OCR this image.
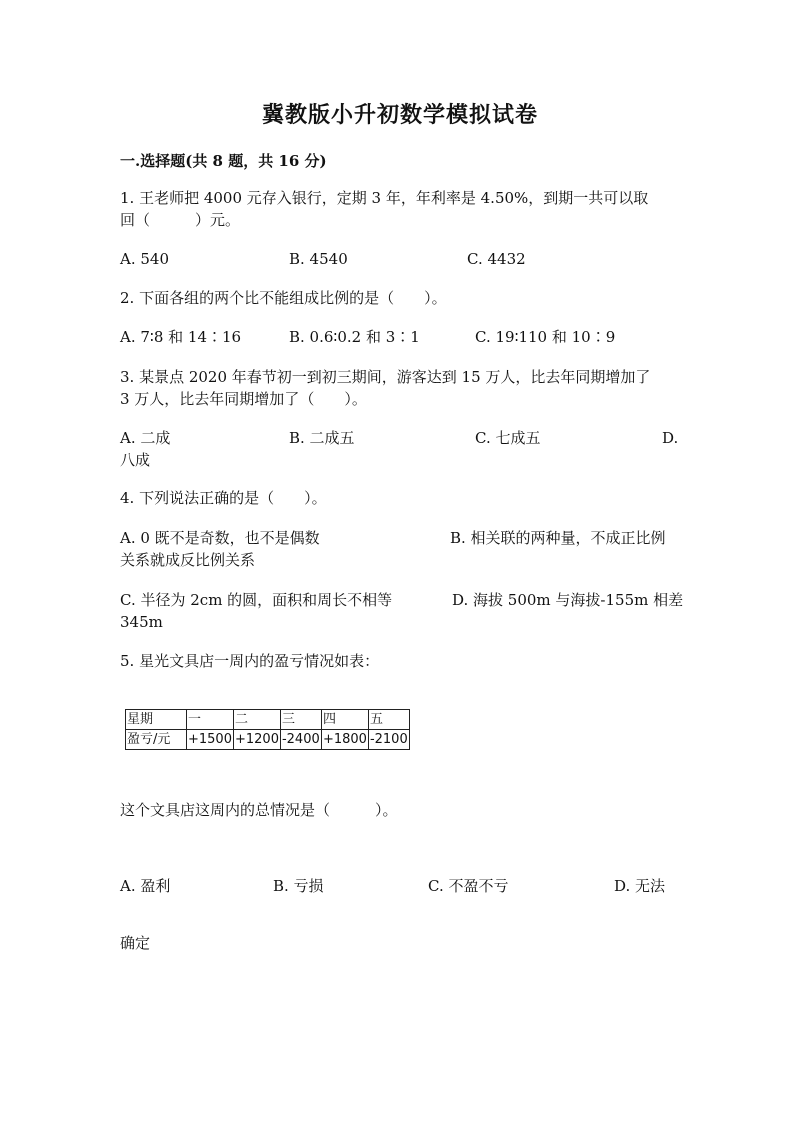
冀教版小升初数学模拟试卷
一.选择题(共 8 题，共 16 分)
1. 王老师把 4000 元存入银行，定期 3 年，年利率是 4.50%，到期一共可以取
回（　　　）元。
A. 540	B. 4540	C. 4432
2. 下面各组的两个比不能组成比例的是（　　）。
A. 7∶8 和 14∶16	B. 0.6∶0.2 和 3∶1	C. 19∶110 和 10∶9
3. 某景点 2020 年春节初一到初三期间，游客达到 15 万人，比去年同期增加了
3 万人，比去年同期增加了（　　）。
A. 二成	B. 二成五	C. 七成五	D.
八成
4. 下列说法正确的是（　　）。
A. 0 既不是奇数，也不是偶数	B. 相关联的两种量，不成正比例
关系就成反比例关系
C. 半径为 2cm 的圆，面积和周长不相等	D. 海拔 500m 与海拔-155m 相差
345m
5. 星光文具店一周内的盈亏情况如表：
星期	一	二	三	四	五
盈亏/元	+1500	+1200	-2400	+1800	-2100
这个文具店这周内的总情况是（　　　）。
A. 盈利	B. 亏损	C. 不盈不亏	D. 无法
确定
